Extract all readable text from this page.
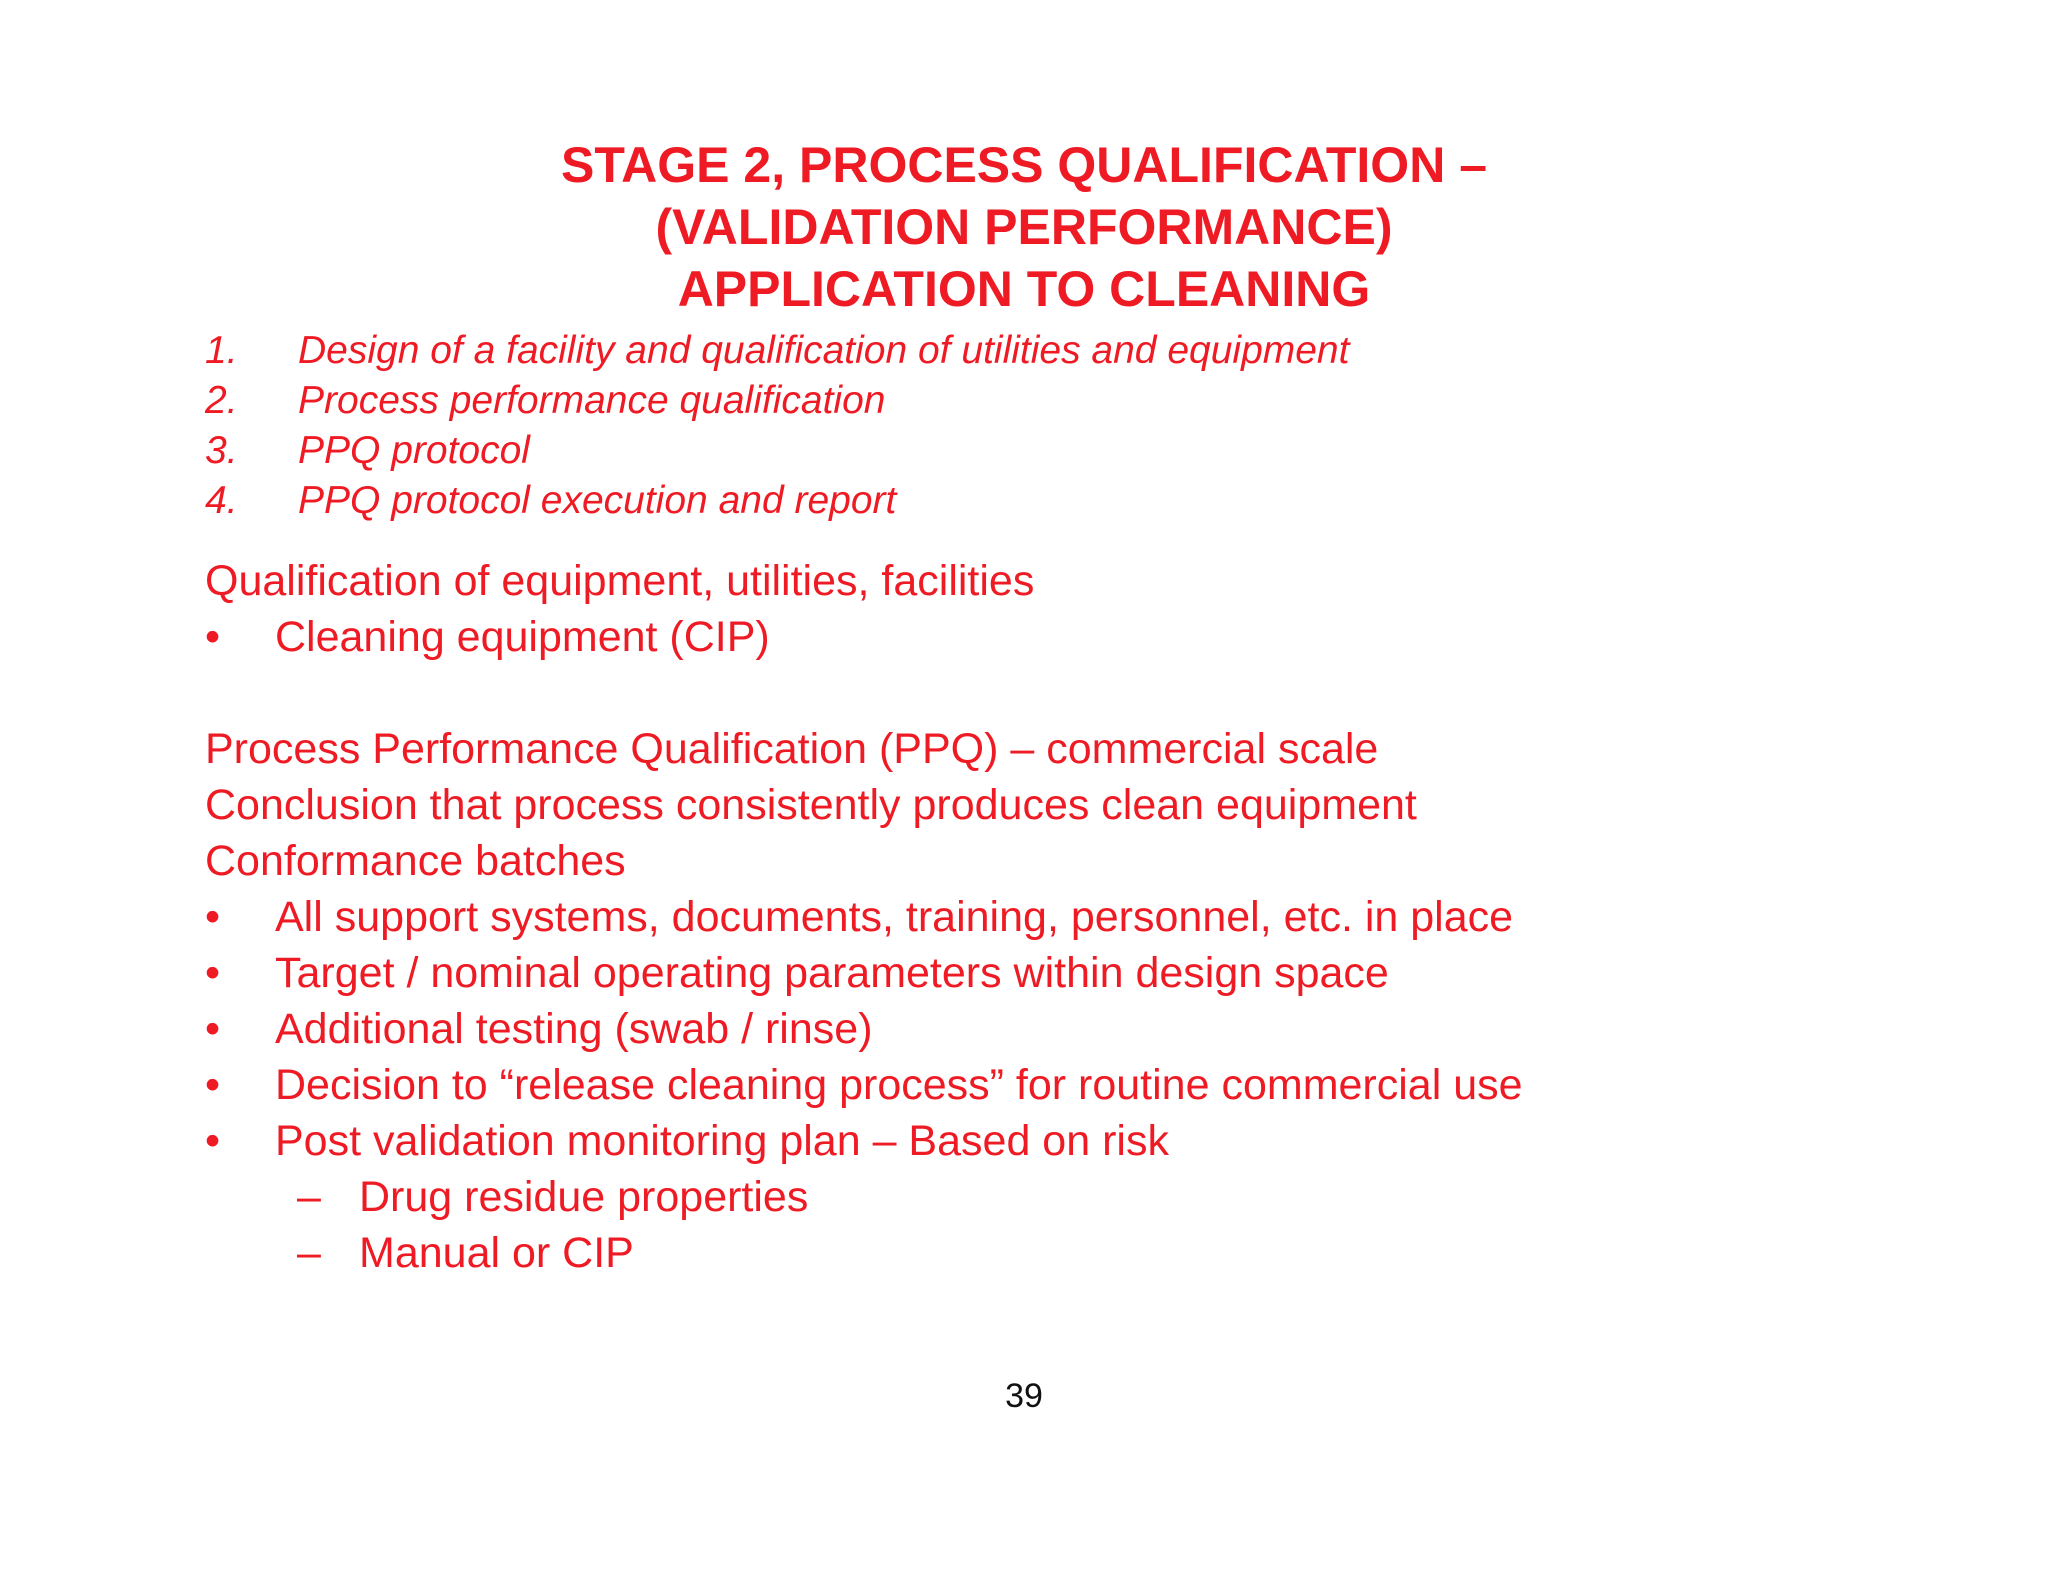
STAGE 2, PROCESS QUALIFICATION –
(VALIDATION PERFORMANCE)
APPLICATION TO CLEANING
1.	Design of a facility and qualification of utilities and equipment
2.	Process performance qualification
3.	PPQ protocol
4.	PPQ protocol execution and report
Qualification of equipment, utilities, facilities
•	Cleaning equipment (CIP)
Process Performance Qualification (PPQ) – commercial scale
Conclusion that process consistently produces clean equipment
Conformance batches
•	All support systems, documents, training, personnel, etc. in place
•	Target / nominal operating parameters within design space
•	Additional testing (swab / rinse)
•	Decision to “release cleaning process” for routine commercial use
•	Post validation monitoring plan – Based on risk
– Drug residue properties
– Manual or CIP
39
